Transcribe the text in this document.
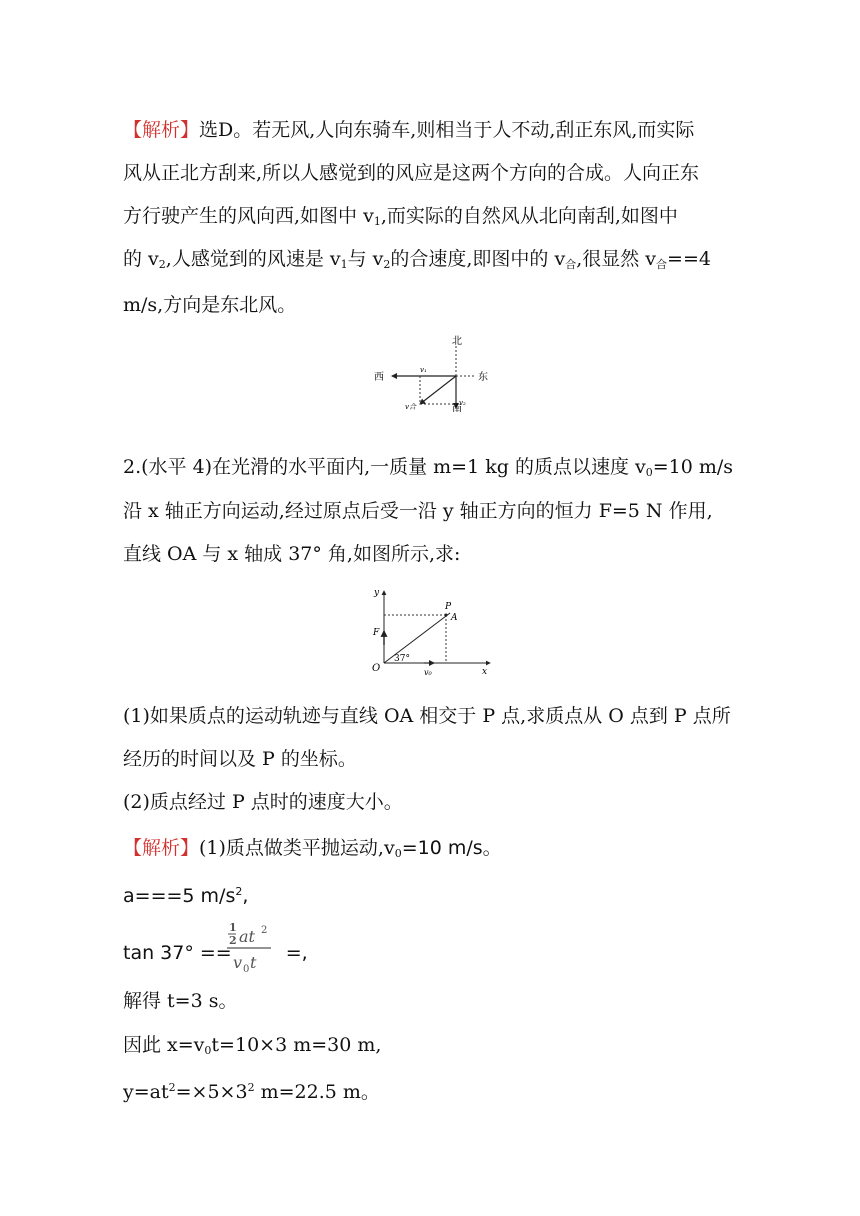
【解析】选D。若无风,人向东骑车,则相当于人不动,刮正东风,而实际
风从正北方刮来,所以人感觉到的风应是这两个方向的合成。人向正东
方行驶产生的风向西,如图中 $v_1$,而实际的自然风从北向南刮,如图中
的 $v_2$,人感觉到的风速是 $v_1$与 $v_2$的合速度,即图中的 $v_合$,很显然 $v_合==4$
m/s,方向是东北风。
北
东
西
南
v₁
v₂
v合
2.(水平 4)在光滑的水平面内,一质量 m=1 kg 的质点以速度 $v_0=10$ m/s
沿 x 轴正方向运动,经过原点后受一沿 y 轴正方向的恒力 F=5 N 作用,
直线 OA 与 x 轴成 37° 角,如图所示,求:
y
x
O
F
P
A
37°
v₀
(1)如果质点的运动轨迹与直线 OA 相交于 P 点,求质点从 O 点到 P 点所
经历的时间以及 P 的坐标。
(2)质点经过 P 点时的速度大小。
【解析】(1)质点做类平抛运动$,v_0=10$ m/s。
a===5 $m/s^2$,
tan 37° ==	=,
1
2 at 2
v 0 t
解得 t=3 s。
因此 $x=v_0t=10\times 3$ m=30 m,
$y=at^2=\times 5\times 3^2$ m=22.5 m。
